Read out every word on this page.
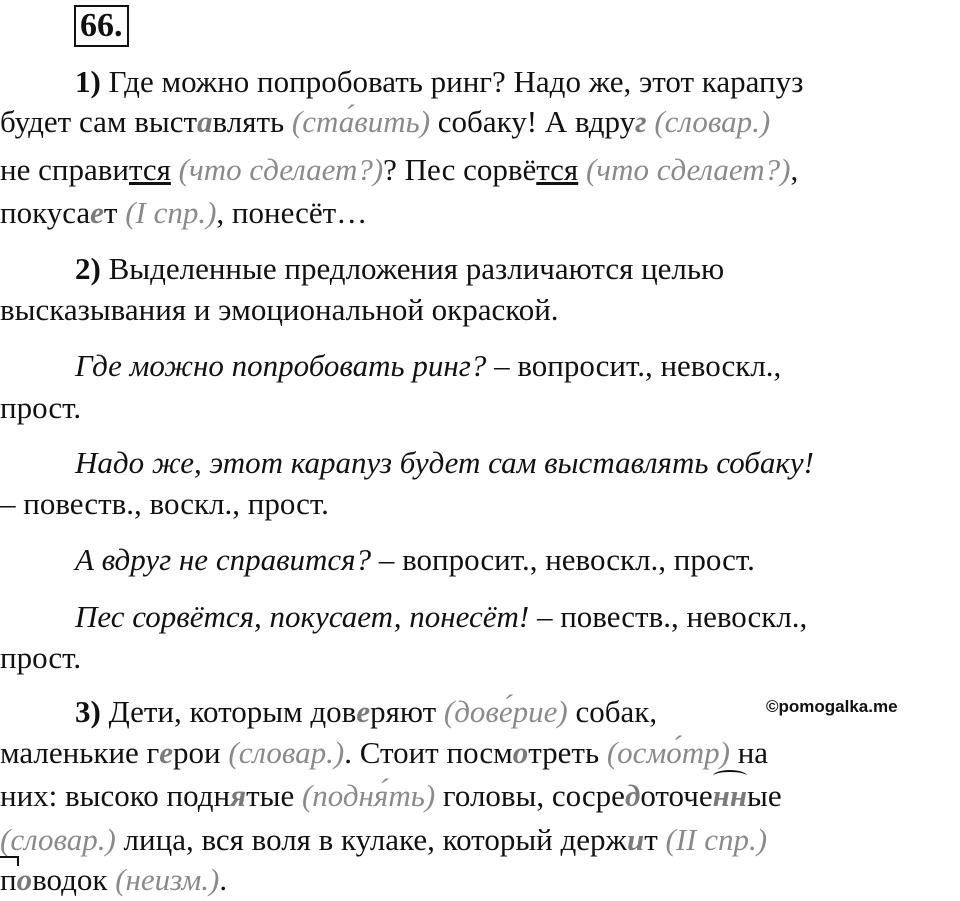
66.

1) Где можно попробовать ринг? Надо же, этот карапуз

будет сам выставлять (ста́вить) собаку! А вдруг (словар.)

не справится (что сделает?)? Пес сорвётся (что сделает?),

покусает (I спр.), понесёт…

2) Выделенные предложения различаются целью

высказывания и эмоциональной окраской.

Где можно попробовать ринг? – вопросит., невоскл.,

прост.

Надо же, этот карапуз будет сам выставлять собаку!

– повеств., воскл., прост.

А вдруг не справится? – вопросит., невоскл., прост.

Пес сорвётся, покусает, понесёт! – повеств., невоскл.,

прост.

3) Дети, которым доверяют (дове́рие) собак,	©pomogalka.me

маленькие герои (словар.). Стоит посмотреть (осмо́тр) на

них: высоко поднятые (подня́ть) головы, сосредоточенные

(словар.) лица, вся воля в кулаке, который держит (II спр.)

поводок (неизм.).
